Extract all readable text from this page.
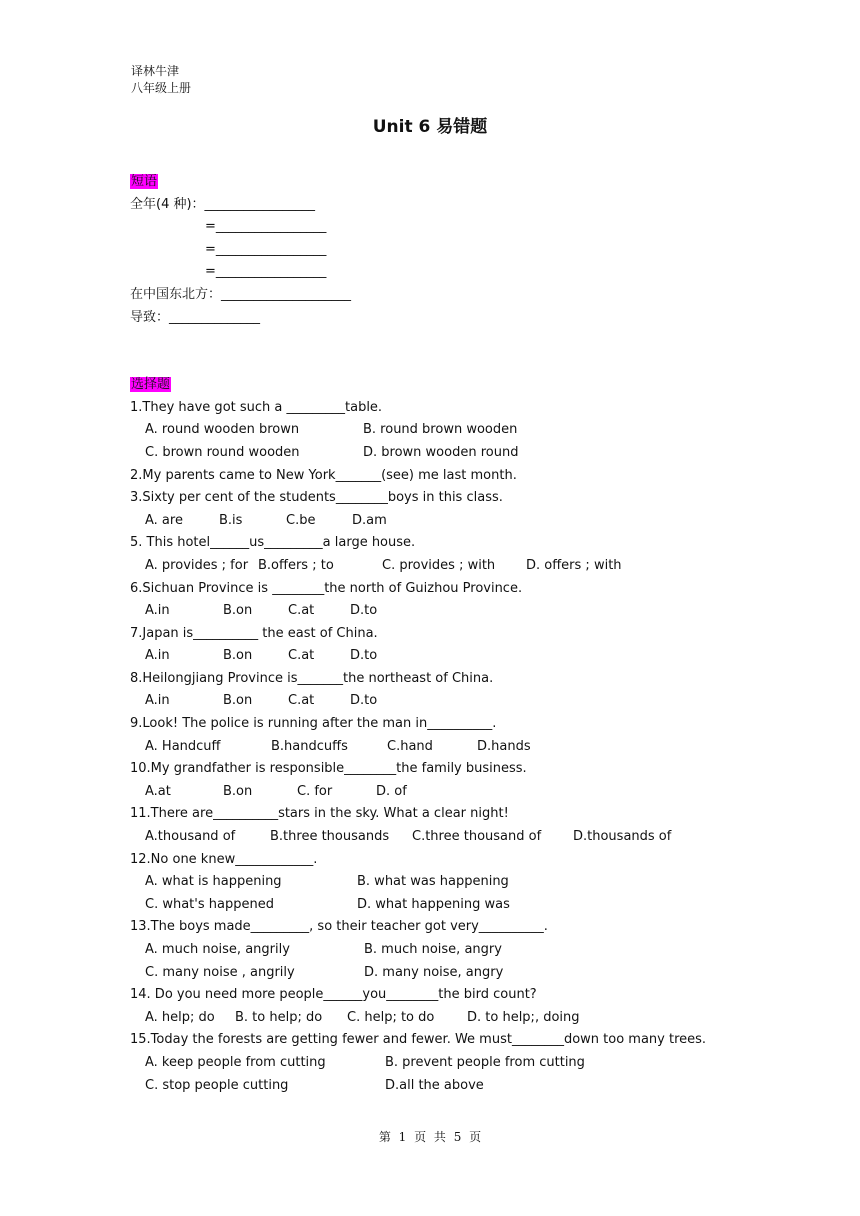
译林牛津
八年级上册
Unit 6 易错题
短语
全年(4 种)：_________________
=_________________
=_________________
=_________________
在中国东北方：____________________
导致：______________
选择题
1.They have got such a _________table.
A. round wooden brown	B. round brown wooden
C. brown round wooden	D. brown wooden round
2.My parents came to New York_______(see) me last month.
3.Sixty per cent of the students________boys in this class.
A. are	B.is	C.be	D.am
5. This hotel______us_________a large house.
A. provides ; for B.offers ; to	C. provides ; with D. offers ; with
6.Sichuan Province is ________the north of Guizhou Province.
A.in	B.on	C.at	D.to
7.Japan is__________ the east of China.
A.in	B.on	C.at	D.to
8.Heilongjiang Province is_______the northeast of China.
A.in	B.on	C.at	D.to
9.Look! The police is running after the man in__________.
A. Handcuff	B.handcuffs	C.hand	D.hands
10.My grandfather is responsible________the family business.
A.at	B.on	C. for	D. of
11.There are__________stars in the sky. What a clear night!
A.thousand of	B.three thousands C.three thousand of D.thousands of
12.No one knew____________.
A. what is happening	B. what was happening
C. what's happened	D. what happening was
13.The boys made_________, so their teacher got very__________.
A. much noise, angrily	B. much noise, angry
C. many noise , angrily	D. many noise, angry
14. Do you need more people______you________the bird count?
A. help; do B. to help; do C. help; to do	D. to help;, doing
15.Today the forests are getting fewer and fewer. We must________down too many trees.
A. keep people from cutting	B. prevent people from cutting
C. stop people cutting	D.all the above
第 1 页 共 5 页
